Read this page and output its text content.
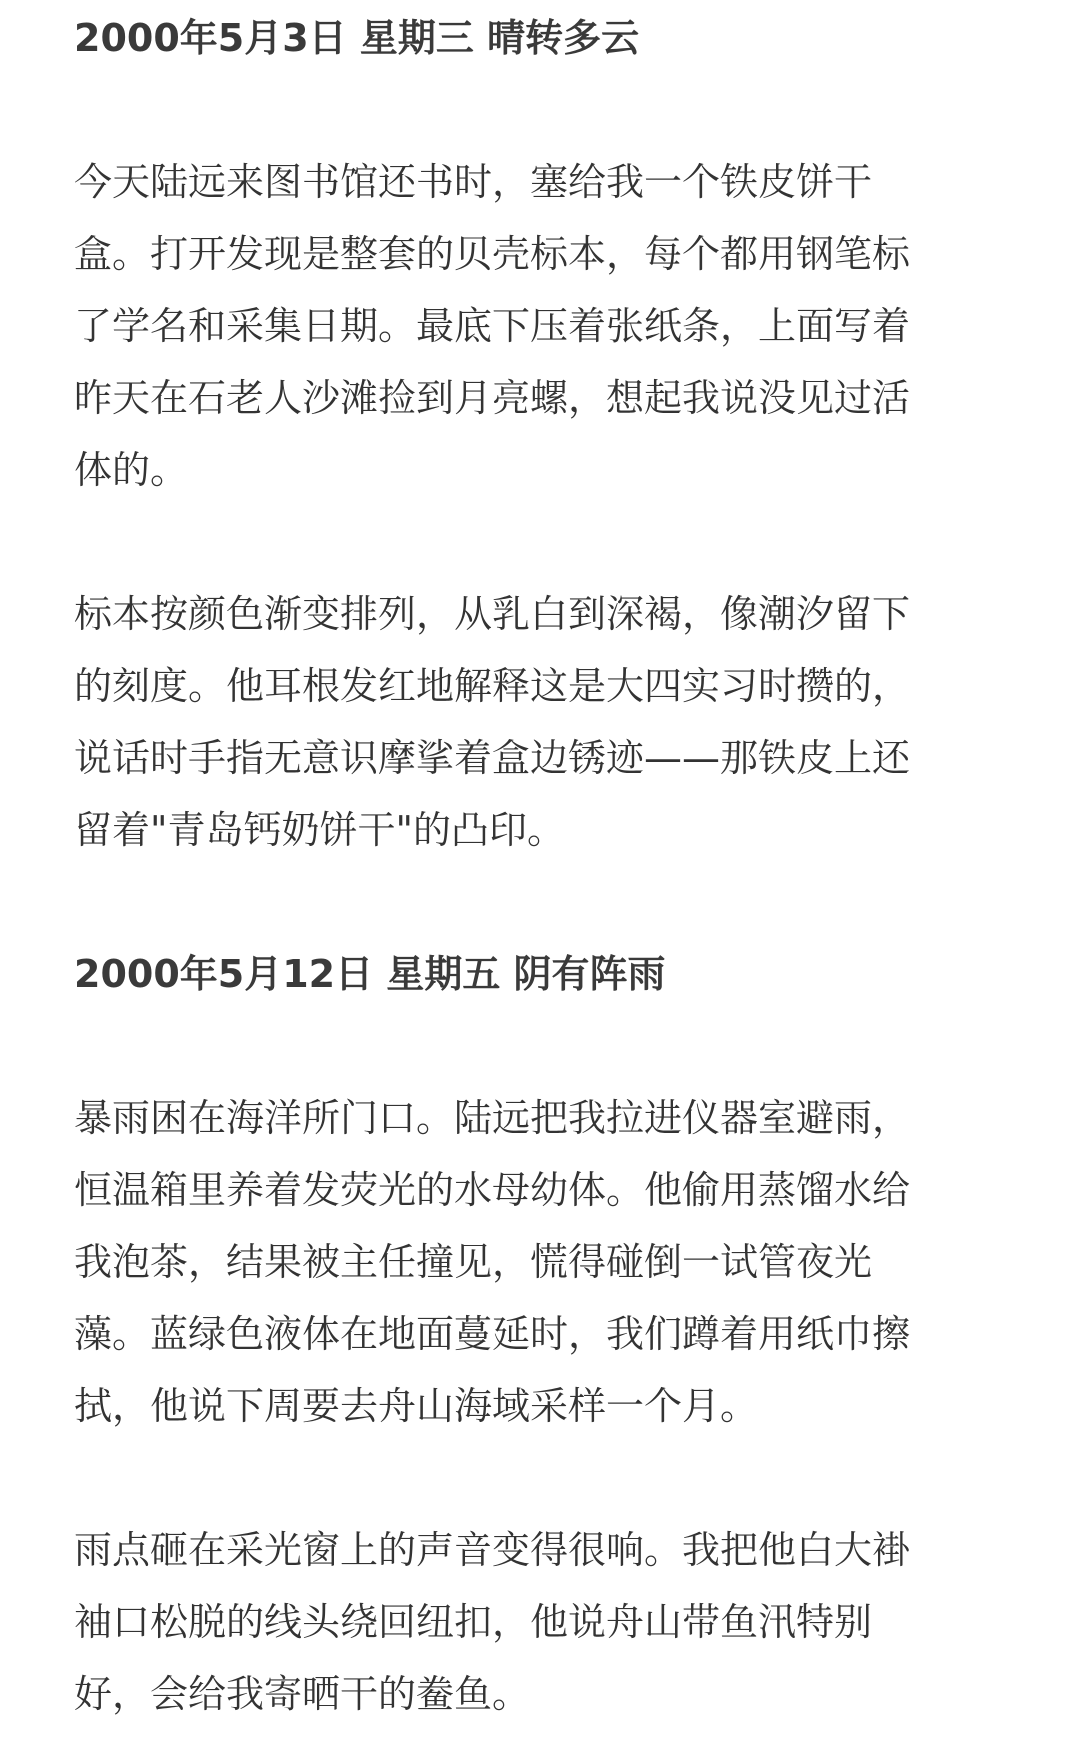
2000年5月3日 星期三 晴转多云

今天陆远来图书馆还书时，塞给我一个铁皮饼干
盒。打开发现是整套的贝壳标本，每个都用钢笔标
了学名和采集日期。最底下压着张纸条，上面写着
昨天在石老人沙滩捡到月亮螺，想起我说没见过活
体的。

标本按颜色渐变排列，从乳白到深褐，像潮汐留下
的刻度。他耳根发红地解释这是大四实习时攒的，
说话时手指无意识摩挲着盒边锈迹——那铁皮上还
留着"青岛钙奶饼干"的凸印。

2000年5月12日 星期五 阴有阵雨

暴雨困在海洋所门口。陆远把我拉进仪器室避雨，
恒温箱里养着发荧光的水母幼体。他偷用蒸馏水给
我泡茶，结果被主任撞见，慌得碰倒一试管夜光
藻。蓝绿色液体在地面蔓延时，我们蹲着用纸巾擦
拭，他说下周要去舟山海域采样一个月。

雨点砸在采光窗上的声音变得很响。我把他白大褂
袖口松脱的线头绕回纽扣，他说舟山带鱼汛特别
好，会给我寄晒干的鲞鱼。
